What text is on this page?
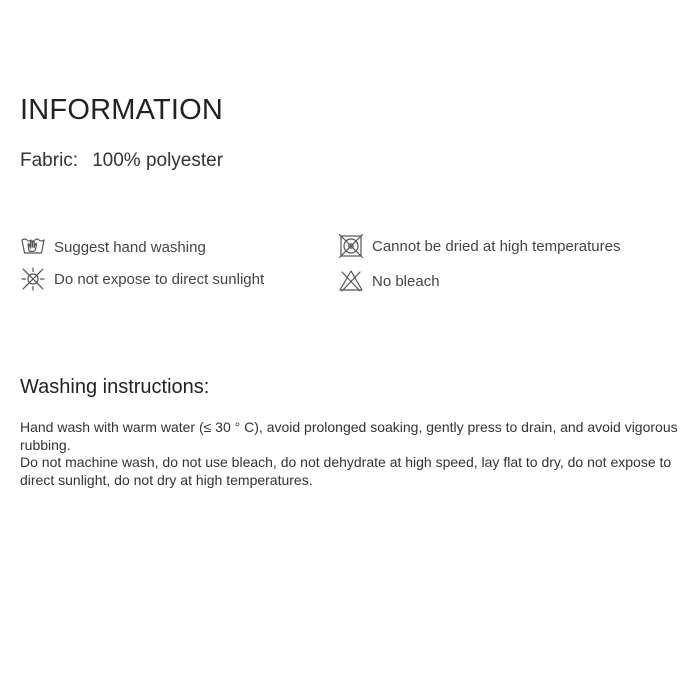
INFORMATION
Fabric: 100% polyester
Suggest hand washing
Do not expose to direct sunlight
Cannot be dried at high temperatures
No bleach
Washing instructions:

Hand wash with warm water (≤ 30 ° C), avoid prolonged soaking, gently press to drain, and avoid vigorous rubbing.

Do not machine wash, do not use bleach, do not dehydrate at high speed, lay flat to dry, do not expose to direct sunlight, do not dry at high temperatures.
